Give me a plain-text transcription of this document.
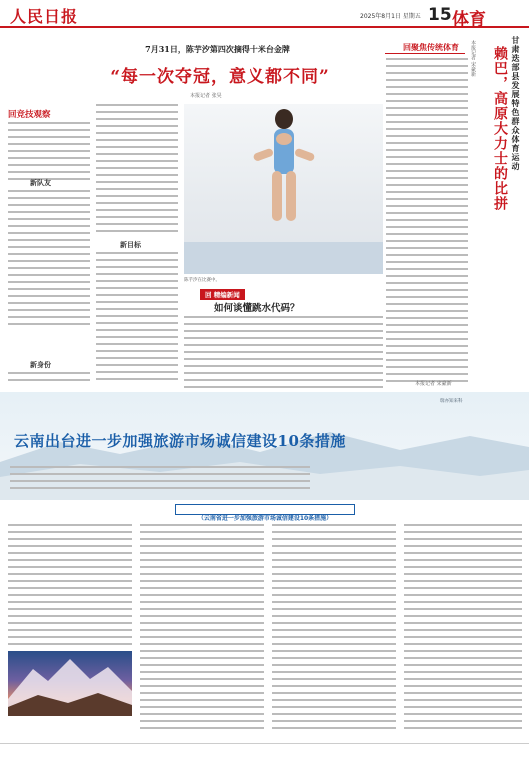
人民日报	2025年8月1日 星期五 15 体育
7月31日，陈芋汐第四次摘得十米台金牌
“每一次夺冠，意义都不同”
本报记者 张昊
回竞技观察
新队友
新身份
新目标
陈芋汐在比赛中。
回聚焦传统体育 本报记者 宋豪新	甘肃迭部县发展特色群众体育运动
赖巴，高原大力士的比拼
回 精编新闻
如何谈懂跳水代码？
本报记者 宋豪新
瑞亦知来科
云南出台进一步加强旅游市场诚信建设10条措施
（云南省进一步加强旅游市场诚信建设10条措施）
